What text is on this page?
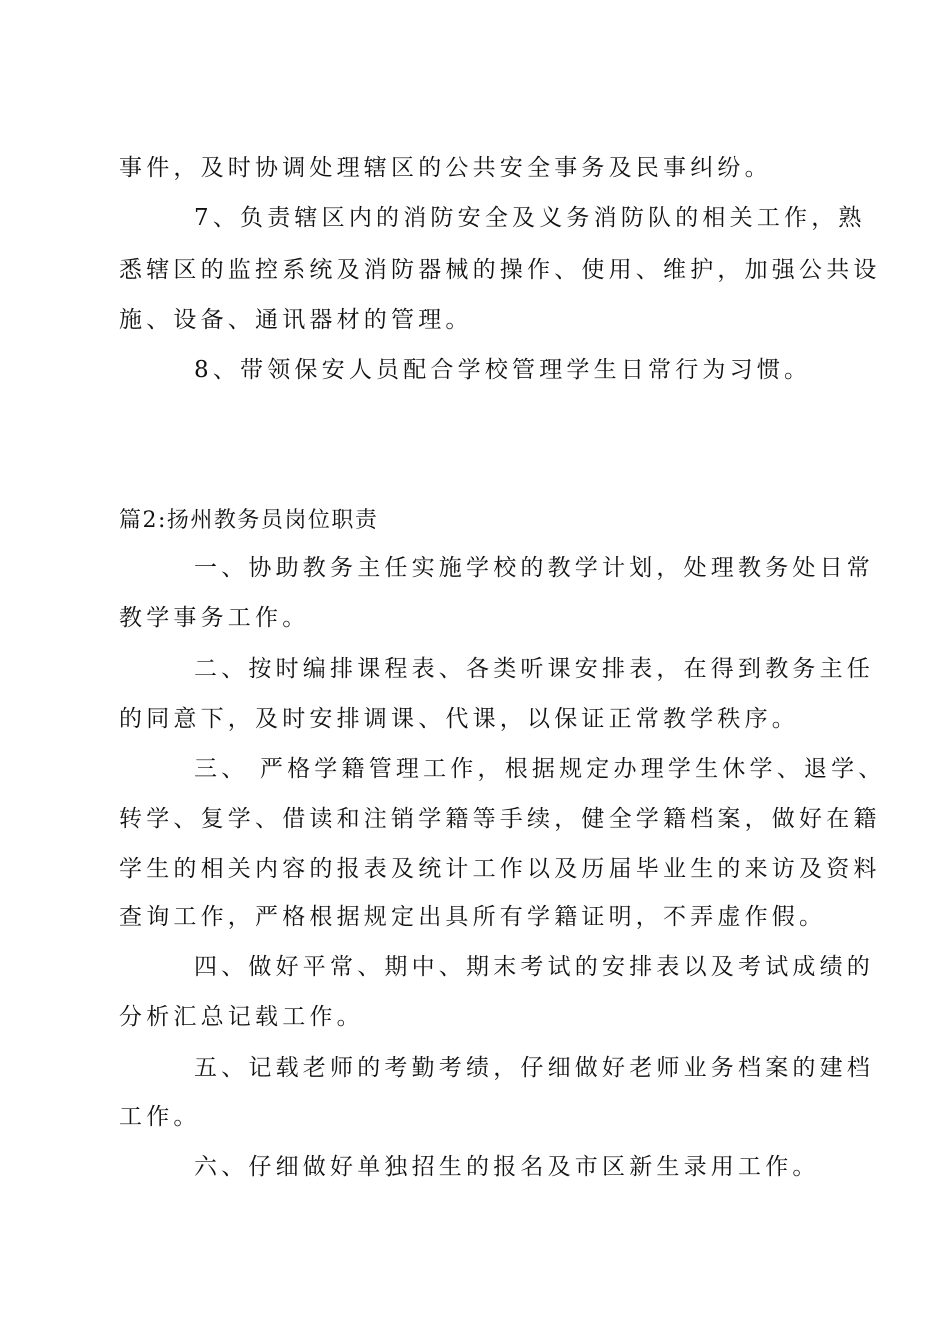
事件，及时协调处理辖区的公共安全事务及民事纠纷。
7、负责辖区内的消防安全及义务消防队的相关工作，熟
悉辖区的监控系统及消防器械的操作、使用、维护，加强公共设
施、设备、通讯器材的管理。
8、带领保安人员配合学校管理学生日常行为习惯。
篇2:扬州教务员岗位职责
一、协助教务主任实施学校的教学计划，处理教务处日常
教学事务工作。
二、按时编排课程表、各类听课安排表，在得到教务主任
的同意下，及时安排调课、代课，以保证正常教学秩序。
三、 严格学籍管理工作，根据规定办理学生休学、退学、
转学、复学、借读和注销学籍等手续，健全学籍档案，做好在籍
学生的相关内容的报表及统计工作以及历届毕业生的来访及资料
查询工作，严格根据规定出具所有学籍证明，不弄虚作假。
四、做好平常、期中、期末考试的安排表以及考试成绩的
分析汇总记载工作。
五、记载老师的考勤考绩，仔细做好老师业务档案的建档
工作。
六、仔细做好单独招生的报名及市区新生录用工作。
